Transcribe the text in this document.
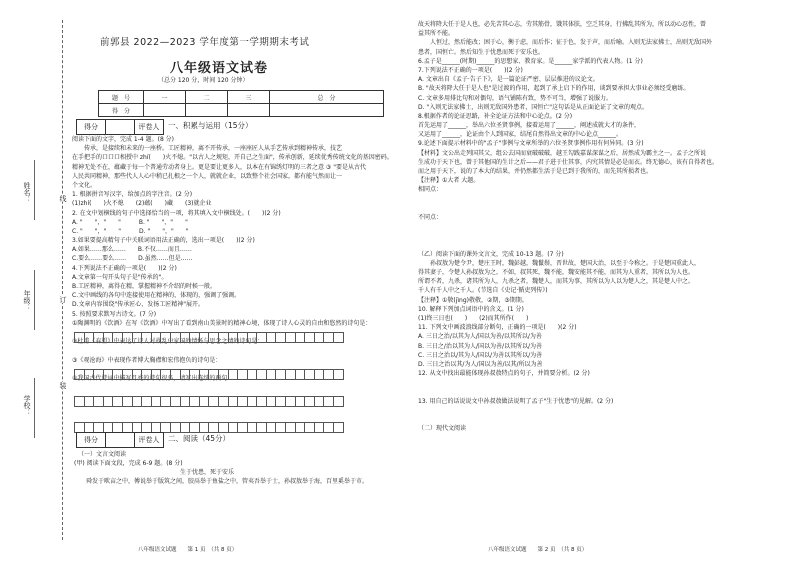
姓名：
年级：
学校：
线
订
装
前郭县 2022—2023 学年度第一学期期末考试
八年级语文试卷
（总分 120 分，时间 120 分钟）
题　号	一	二	三	总　分
得　分				
得分	评卷人	一、积累与运用（15分）
阅读下面的文字，完成 1-4 题。(8 分)
　　传承，是接续和未来的一座桥。工匠精神，离不开传承，一座座匠人从手艺传承到精神传承，技艺
在手把手的口口口相授中 zhí(　　)火不熄。"以古人之规矩，开自己之生面"，传承创新，延续优秀传统文化的基因密码。
精神无处不在，蕴藏于每一个普通劳动者身上。更是要让更多人，以本在有锦绣灯明的三者之意 ③ "要是从古代
人民共同精神，那些代人人心中稍已扎根之一个人，就就企业，以致整个社会国家，都有能气然而让一
个文化。
1. 根据拼音写汉字，给加点的字注音。(2 分)
(1)zhí(　　)火不熄　　(2)蕴(　　)藏　　(3)就企业
2. 在文中划横线的句子中选择恰当的一项，将其填入文中横线处。(　　)(2 分)
A. "　　"，"　　"　　　B. "　　"，"　　"
C. "　　"，"　　"　　　D. "　　"，"　　"
3.如果要提高精句子中关联词语用法正确的，选出一项是(　　)(2 分)
A.如果……那么……　　B.不仅……而且……
C.要么……要么……　　D.虽然……但是……
4.下列说法不正确的一项是(　　)(2 分)
A.文章第一句开头句子是"传承的"。
B.工匠精神，离得在精，掌握精神不介绍的时候一般。
C.文中画线的各句中连接使用在精神的，体现的，强调了强调。
D.文章内容围绕"传承匠心，发扬工匠精神"展开。
5. 按照要求默写古诗文。(7 分)
①陶渊明的《饮酒》在写《饮酒》中写出了看到南山美景时的精神心境，体现了诗人心灵的自由和悠然的诗句是：
②杜甫《春望》中表达了诗人对战乱中家国的情怀与思念之情的诗句是：
③《观沧海》中表现作者博大胸襟和宏伟抱负的诗句是：
④我国古代诗词中描写月亮的诗句很多，请写出连续的两句：
得分	评卷人	二、阅读（45分）
（一）文言文阅读
(甲) 阅读下面文段，完成 6-9 题。(8 分)
生于忧患，死于安乐
　　舜发于畎亩之中，傅说举于版筑之间，胶鬲举于鱼盐之中，管夷吾举于士，孙叔敖举于海，百里奚举于市。
故天将降大任于是人也，必先苦其心志，劳其筋骨，饿其体肤，空乏其身，行拂乱其所为，所以动心忍性，曾
益其所不能。
　　人恒过，然后能改；困于心，衡于虑，而后作；征于色，发于声，而后喻。入则无法家拂士，出则无敌国外
患者，国恒亡。然后知生于忧患而死于安乐也。
6.孟子是______(时期)______的思想家、教育家。是______家学派的代表人物。(1 分)
7.下列说法不正确的一项是(　　)(2 分)
A. 文章出自《孟子·告子下》，是一篇论证严密、层层推进的议论文。
B. "故天将降大任于是人也"是过渡的作用，起到了承上启下的作用，谈到要承担大事业必须经受磨练。
C. 文章多用排比句和对偶句，语气铺陈有致，势不可当，增强了说服力。
D. "入则无法家拂士，出则无敌国外患者，国恒亡"这句话是从正面论证了文章的观点。
8.根据作者的论证思路，补全论证方法和中心论点。(2 分)
首先运用了______，举出六位圣贤事例，接着运用了______，阐述成就大才的条件，
又运用了______，论证由个人到国家，结尾自然得出文章的中心论点______。
9.论述下面提示材料中的"孟子"事例与文章所举的六位圣贤事例作用有何异同。(3 分)
【材料】文公出走列国其父，组公去国而衰破破破，越王勾践嘉谋深谋之后，居然成为霸主之一。孟子之所说
生成功于天下也，曾于其他国的生计之后——君子进于仕其事，内究其情是必是而衣。终无德心，该有自得者也。
而之用于天下，说的了本大的结果，并仍然都生活于是已到于我所的，而先其所损者也。
【注释】①大者 大题。
相同点：
不同点：
（乙）阅读下面的课外文言文，完成 10-13 题。(7 分)
　　孙叔敖为楚令尹，楚庄王时，魏彭越，魏鬣鬃，晋世故，楚国大治，以至于今称之。于是楚国重此人，
得其妻子，令楚人孙叔敖为之，不如，叔其死，魏不能，魏安能其不能，而其为人重者，其所以为人也。
所谓不者，九杀，诸其所为人，九杀之者，魏楚人，而其为事，其所以为人以为楚人之，其是楚人中之。
千人有千人中之千人。(节选自《史记·循吏列传》)
【注释】①敬(jìng)敬敬，②期，③期期。
10. 解释下列加点词语中的含义。(1 分)
(1)终三日也(　　)　　(2)而其所作(　　)
11. 下列文中画波浪线部分断句，正确的一项是(　　)(2 分)
A. 三日之治/以其为人/国以为善/以其所以/为善
B. 三日之/治以其为人/国以为善/以其所以/为善
C. 三日之治以/其为人/国以/为善以其所以/为善
D. 三日之治以其/为人/国以为善/以其/所以为善
12. 从文中找出最能体现孙叔敖特点的句子，并简要分析。(2 分)
13. 用自己的话说说文中孙叔敖做法说明了孟子"生于忧患"的见解。(2 分)
（二）现代文阅读
八年级语文试题　　第 1 页　（共 8 页）	八年级语文试题　　第 2 页　（共 8 页）
